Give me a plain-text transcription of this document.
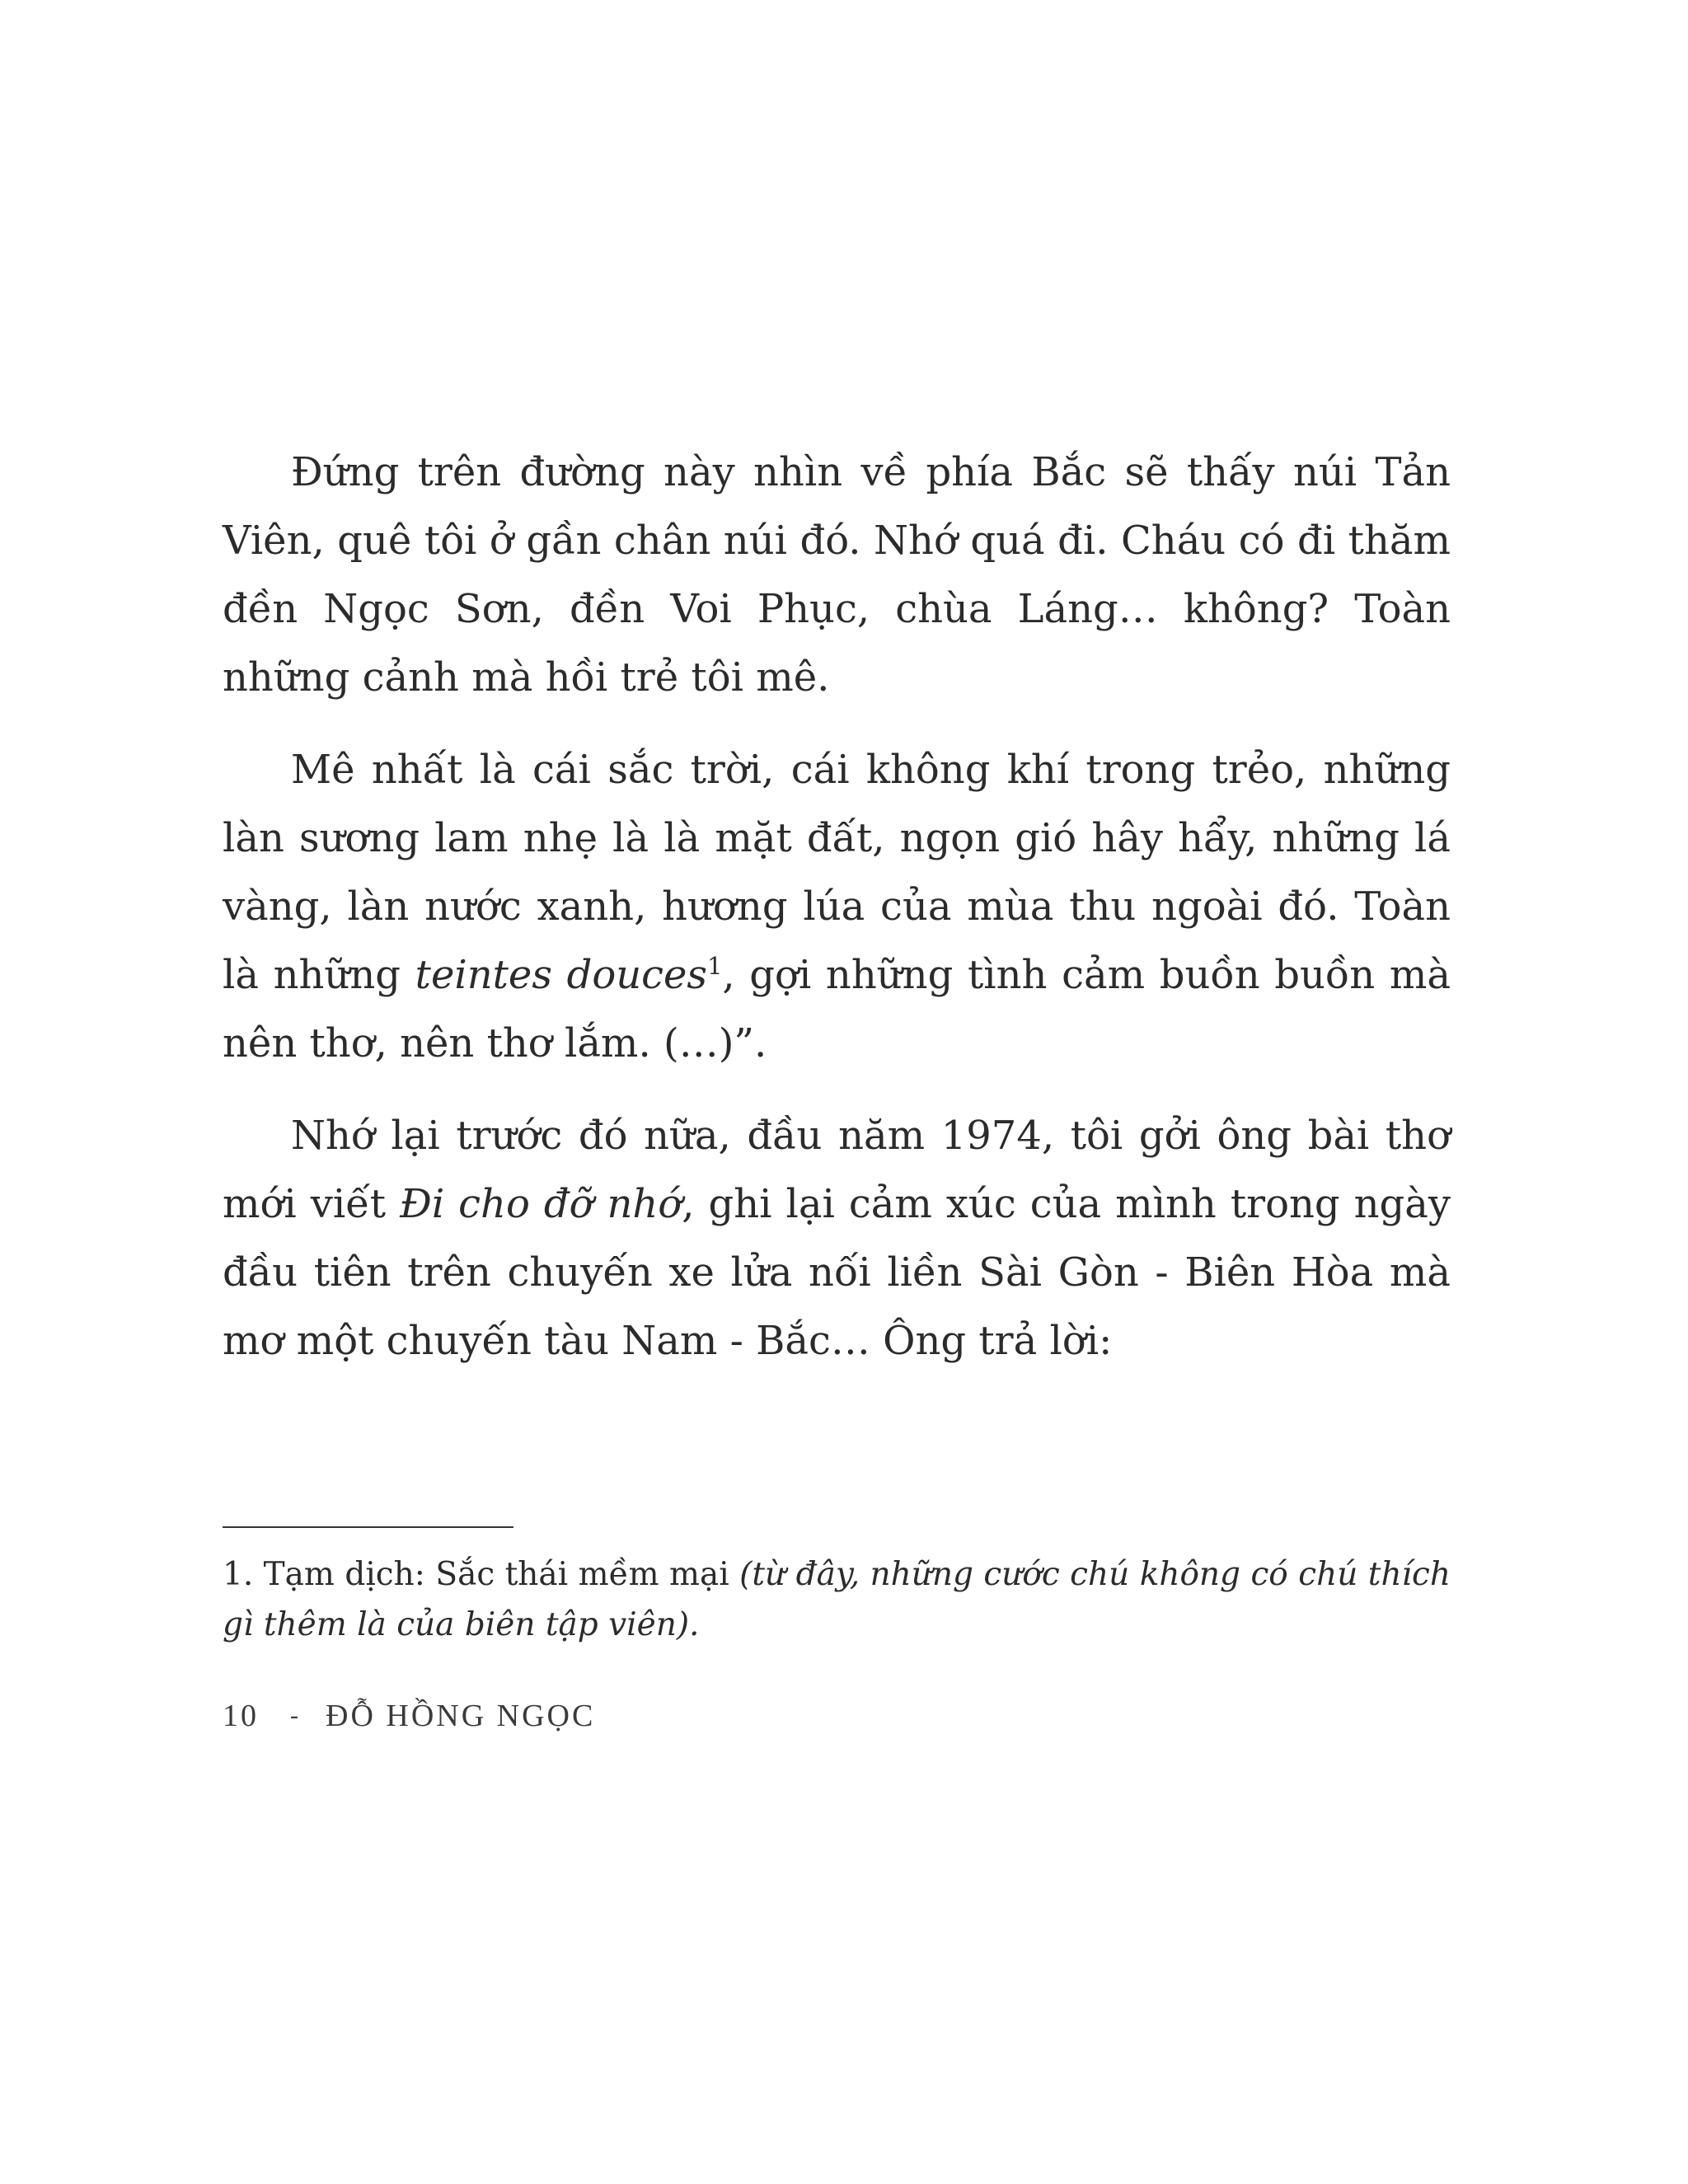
Đứng trên đường này nhìn về phía Bắc sẽ thấy núi Tản Viên, quê tôi ở gần chân núi đó. Nhớ quá đi. Cháu có đi thăm đền Ngọc Sơn, đền Voi Phục, chùa Láng… không? Toàn những cảnh mà hồi trẻ tôi mê.

Mê nhất là cái sắc trời, cái không khí trong trẻo, những làn sương lam nhẹ là là mặt đất, ngọn gió hây hẩy, những lá vàng, làn nước xanh, hương lúa của mùa thu ngoài đó. Toàn là những teintes douces$^1$, gợi những tình cảm buồn buồn mà nên thơ, nên thơ lắm. (…)”.

Nhớ lại trước đó nữa, đầu năm 1974, tôi gởi ông bài thơ mới viết Đi cho đỡ nhớ, ghi lại cảm xúc của mình trong ngày đầu tiên trên chuyến xe lửa nối liền Sài Gòn - Biên Hòa mà mơ một chuyến tàu Nam - Bắc… Ông trả lời:

1. Tạm dịch: Sắc thái mềm mại (từ đây, những cước chú không có chú thích gì thêm là của biên tập viên).

10 - ĐỖ HỒNG NGỌC
